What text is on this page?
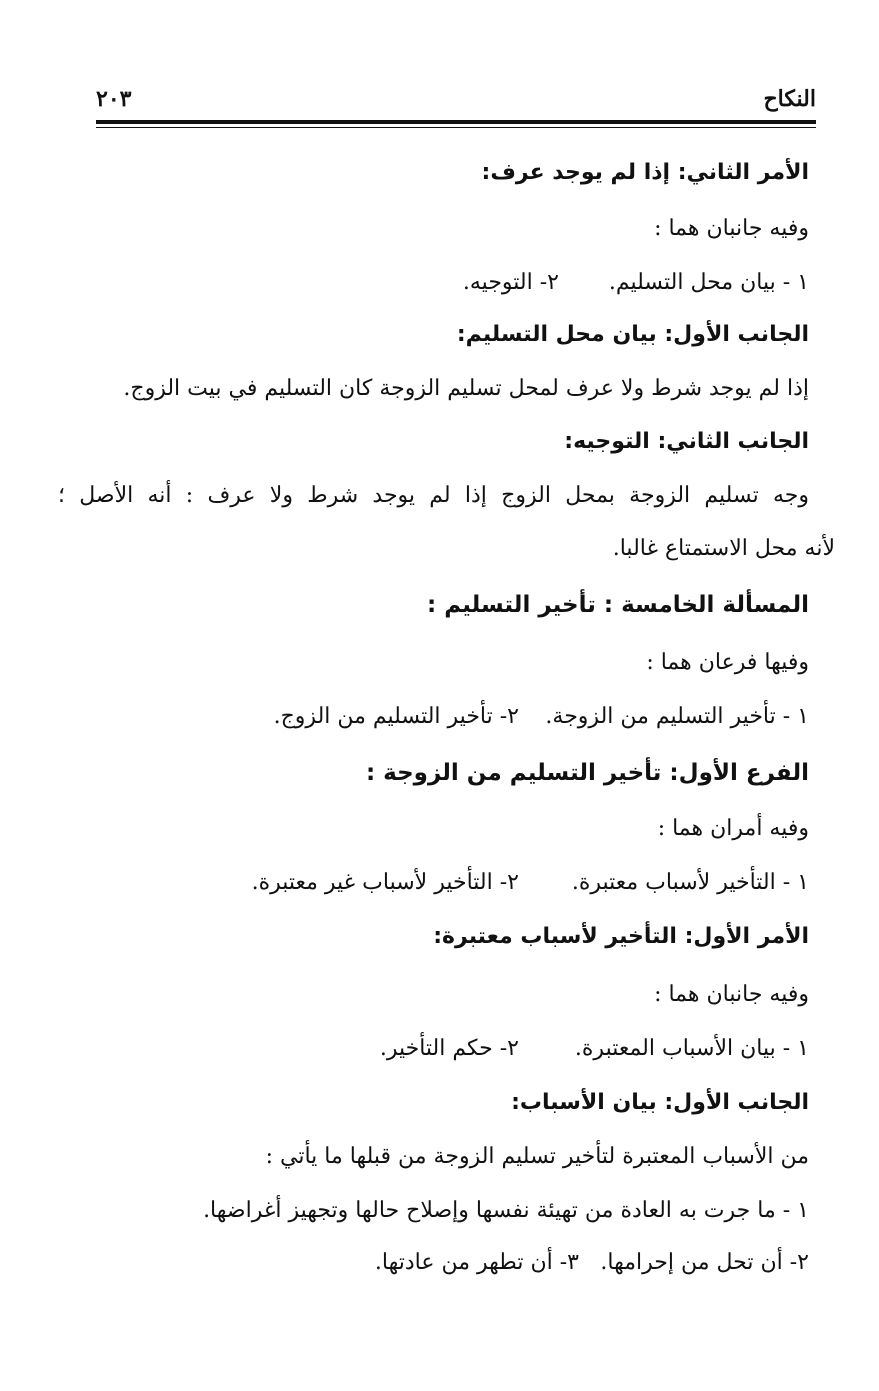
النكاح
٢٠٣
الأمر الثاني: إذا لم يوجد عرف:
وفيه جانبان هما :
١ - بيان محل التسليم.
٢- التوجيه.
الجانب الأول: بيان محل التسليم:
إذا لم يوجد شرط ولا عرف لمحل تسليم الزوجة كان التسليم في بيت الزوج.
الجانب الثاني: التوجيه:
وجه تسليم الزوجة بمحل الزوج إذا لم يوجد شرط ولا عرف : أنه الأصل ؛
لأنه محل الاستمتاع غالبا.
المسألة الخامسة : تأخير التسليم :
وفيها فرعان هما :
١ - تأخير التسليم من الزوجة.
٢- تأخير التسليم من الزوج.
الفرع الأول: تأخير التسليم من الزوجة :
وفيه أمران هما :
١ - التأخير لأسباب معتبرة.
٢- التأخير لأسباب غير معتبرة.
الأمر الأول: التأخير لأسباب معتبرة:
وفيه جانبان هما :
١ - بيان الأسباب المعتبرة.
٢- حكم التأخير.
الجانب الأول: بيان الأسباب:
من الأسباب المعتبرة لتأخير تسليم الزوجة من قبلها ما يأتي :
١ - ما جرت به العادة من تهيئة نفسها وإصلاح حالها وتجهيز أغراضها.
٢- أن تحل من إحرامها.
٣- أن تطهر من عادتها.
